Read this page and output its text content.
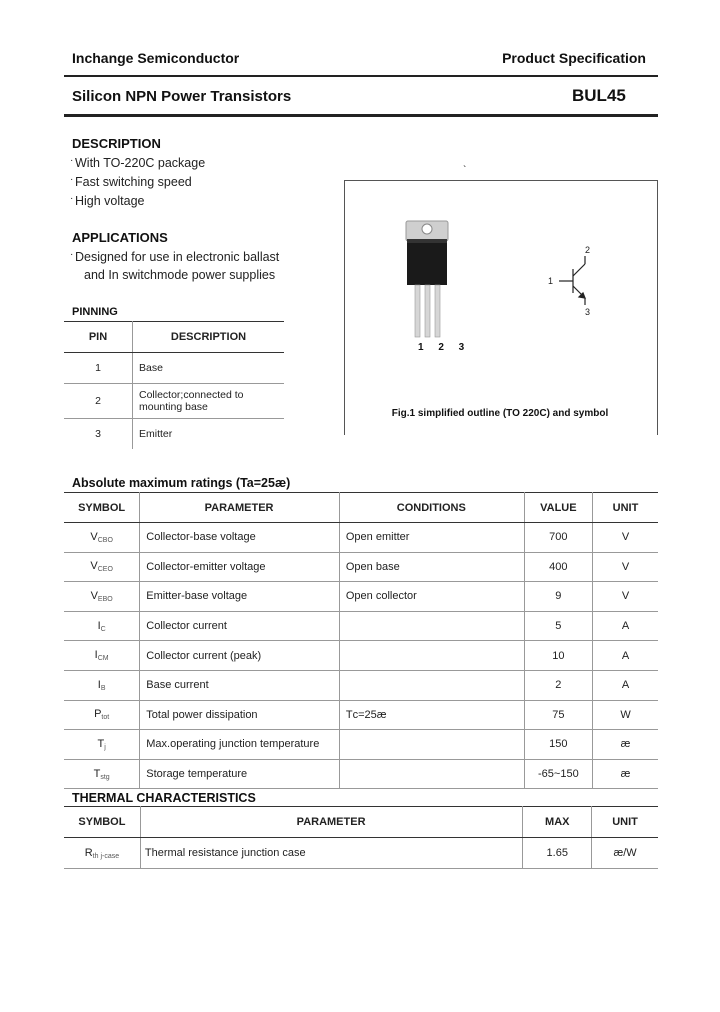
Inchange Semiconductor	Product Specification
Silicon NPN Power Transistors	BUL45
DESCRIPTION
· With TO-220C package
· Fast switching speed
· High voltage
APPLICATIONS
· Designed for use in electronic ballast
and In switchmode power supplies
PINNING
PIN	DESCRIPTION
1	Base
2	Collector;connected to mounting base
3	Emitter
`
1
2
3
1 2 3
Fig.1 simplified outline (TO 220C) and symbol
Absolute maximum ratings (Ta=25æ)
SYMBOL	PARAMETER	CONDITIONS	VALUE	UNIT
$V_{CBO}$	Collector-base voltage	Open emitter	700	V
$V_{CEO}$	Collector-emitter voltage	Open base	400	V
$V_{EBO}$	Emitter-base voltage	Open collector	9	V
$I_C$	Collector current		5	A
$I_{CM}$	Collector current (peak)		10	A
$I_B$	Base current		2	A
$P_{tot}$	Total power dissipation	Tᴄ=25æ	75	W
$T_j$	Max.operating junction temperature		150	æ
$T_{stg}$	Storage temperature		-65~150	æ
THERMAL CHARACTERISTICS
SYMBOL	PARAMETER	MAX	UNIT
$R_{th j-case}$	Thermal resistance junction case	1.65	æ/W
